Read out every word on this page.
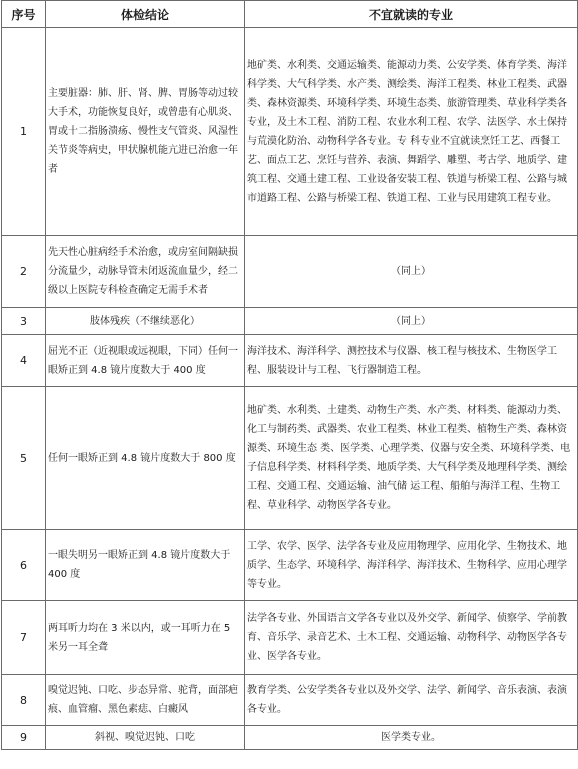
序号	体检结论	不宜就读的专业
1	主要脏器：肺、肝、肾、脾、胃肠等动过较大手术，功能恢复良好，或曾患有心肌炎、胃或十二指肠溃疡、慢性支气管炎、风湿性关节炎等病史，甲状腺机能亢进已治愈一年者	地矿类、水利类、交通运输类、能源动力类、公安学类、体育学类、海洋科学类、大气科学类、水产类、测绘类、海洋工程类、林业工程类、武器类、森林资源类、环境科学类、环境生态类、旅游管理类、草业科学类各专业，及土木工程、消防工程、农业水利工程、农学、法医学、水土保持与荒漠化防治、动物科学各专业。专 科专业不宜就读烹饪工艺、西餐工艺、面点工艺、烹饪与营养、表演、舞蹈学、雕塑、考古学、地质学、建筑工程、交通土建工程、工业设备安装工程、铁道与桥梁工程、公路与城市道路工程、公路与桥梁工程、铁道工程、工业与民用建筑工程专业。
2	先天性心脏病经手术治愈，或房室间隔缺损分流量少，动脉导管未闭返流血量少，经二级以上医院专科检查确定无需手术者	（同上）
3	肢体残疾（不继续恶化）	（同上）
4	屈光不正（近视眼或远视眼，下同）任何一眼矫正到 4.8 镜片度数大于 400 度	海洋技术、海洋科学、测控技术与仪器、核工程与核技术、生物医学工程、服装设计与工程、飞行器制造工程。
5	任何一眼矫正到 4.8 镜片度数大于 800 度	地矿类、水利类、土建类、动物生产类、水产类、材料类、能源动力类、化工与制药类、武器类、农业工程类、林业工程类、植物生产类、森林资源类、环境生态 类、医学类、心理学类、仪器与安全类、环境科学类、电子信息科学类、材料科学类、地质学类、大气科学类及地理科学类、测绘工程、交通工程、交通运输、油气储 运工程、船舶与海洋工程、生物工程、草业科学、动物医学各专业。
6	一眼失明另一眼矫正到 4.8 镜片度数大于 400 度	工学、农学、医学、法学各专业及应用物理学、应用化学、生物技术、地质学、生态学、环境科学、海洋科学、海洋技术、生物科学、应用心理学等专业。
7	两耳听力均在 3 米以内，或一耳听力在 5 米另一耳全聋	法学各专业、外国语言文学各专业以及外交学、新闻学、侦察学、学前教育、音乐学、录音艺术、土木工程、交通运输、动物科学、动物医学各专业、医学各专业。
8	嗅觉迟钝、口吃、步态异常、驼背，面部疤痕、血管瘤、黑色素痣、白癜风	教育学类、公安学类各专业以及外交学、法学、新闻学、音乐表演、表演各专业。
9	斜视、嗅觉迟钝、口吃	医学类专业。
